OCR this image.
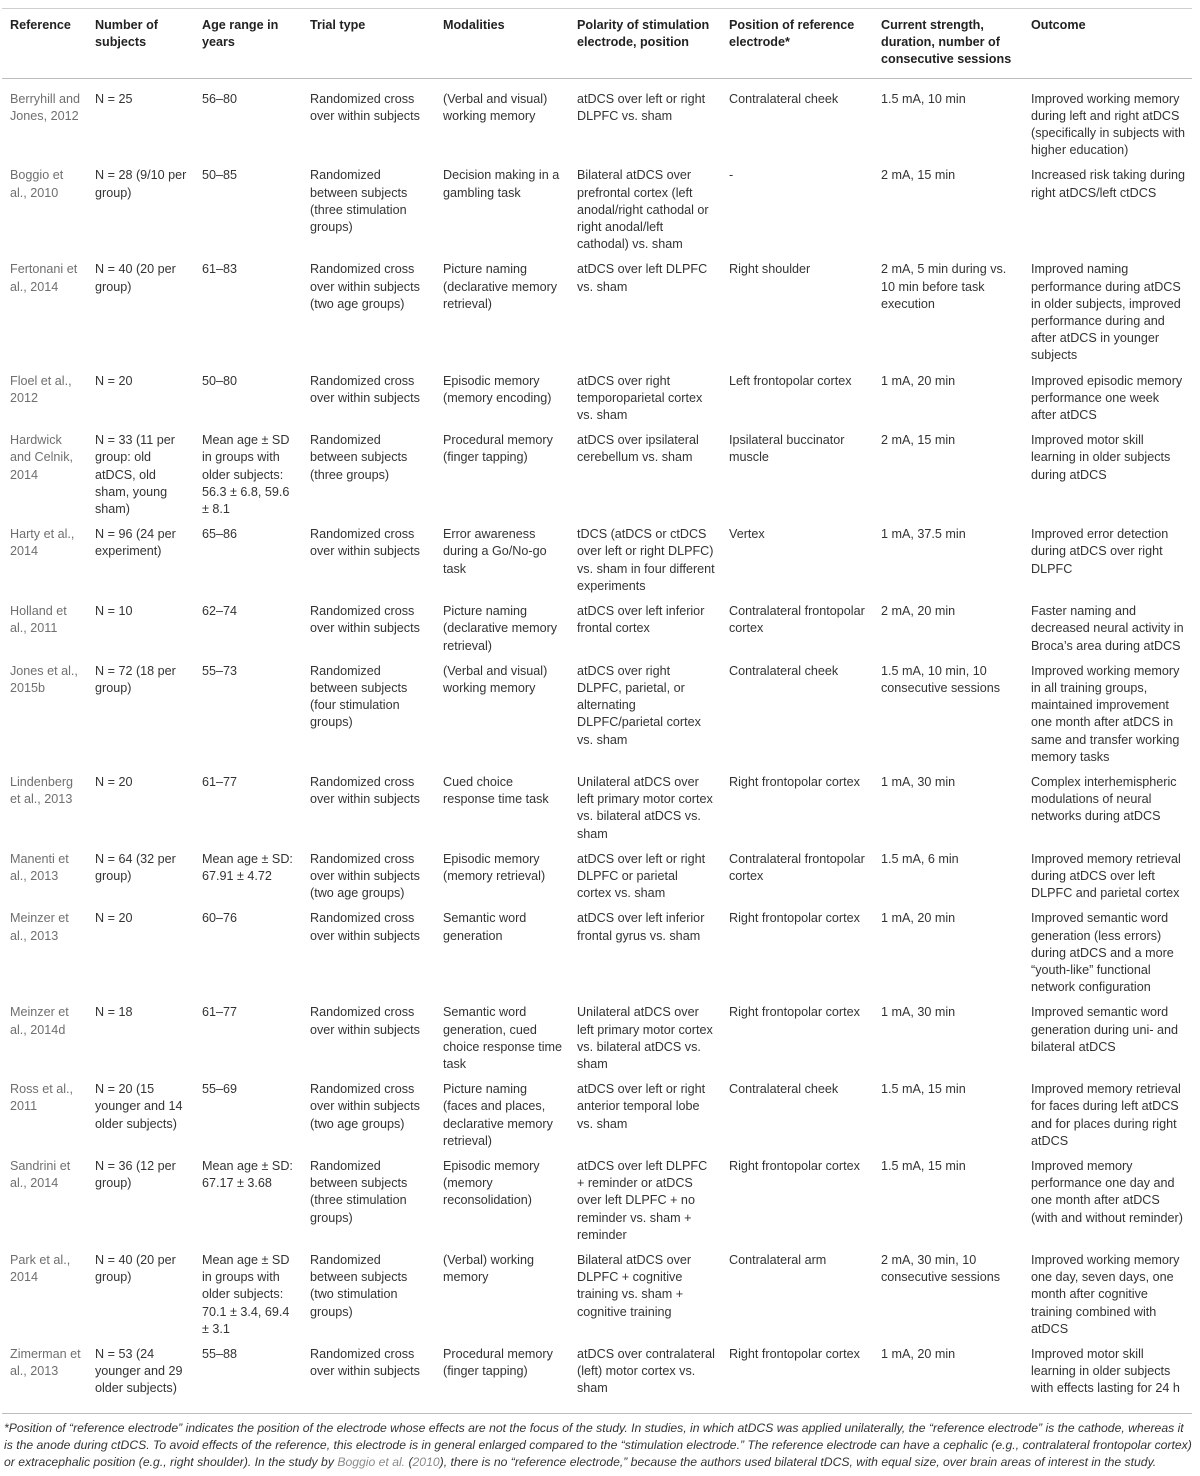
Reference	Number of subjects	Age range in years	Trial type	Modalities	Polarity of stimulation electrode, position	Position of reference electrode*	Current strength, duration, number of consecutive sessions	Outcome
Berryhill and Jones, 2012	N = 25	56–80	Randomized cross over within subjects	(Verbal and visual) working memory	atDCS over left or right DLPFC vs. sham	Contralateral cheek	1.5 mA, 10 min	Improved working memory during left and right atDCS (specifically in subjects with higher education)
Boggio et al., 2010	N = 28 (9/10 per group)	50–85	Randomized between subjects (three stimulation groups)	Decision making in a gambling task	Bilateral atDCS over prefrontal cortex (left anodal/right cathodal or right anodal/left cathodal) vs. sham	-	2 mA, 15 min	Increased risk taking during right atDCS/left ctDCS
Fertonani et al., 2014	N = 40 (20 per group)	61–83	Randomized cross over within subjects (two age groups)	Picture naming (declarative memory retrieval)	atDCS over left DLPFC vs. sham	Right shoulder	2 mA, 5 min during vs. 10 min before task execution	Improved naming performance during atDCS in older subjects, improved performance during and after atDCS in younger subjects
Floel et al., 2012	N = 20	50–80	Randomized cross over within subjects	Episodic memory (memory encoding)	atDCS over right temporoparietal cortex vs. sham	Left frontopolar cortex	1 mA, 20 min	Improved episodic memory performance one week after atDCS
Hardwick and Celnik, 2014	N = 33 (11 per group: old atDCS, old sham, young sham)	Mean age ± SD in groups with older subjects: 56.3 ± 6.8, 59.6 ± 8.1	Randomized between subjects (three groups)	Procedural memory (finger tapping)	atDCS over ipsilateral cerebellum vs. sham	Ipsilateral buccinator muscle	2 mA, 15 min	Improved motor skill learning in older subjects during atDCS
Harty et al., 2014	N = 96 (24 per experiment)	65–86	Randomized cross over within subjects	Error awareness during a Go/No-go task	tDCS (atDCS or ctDCS over left or right DLPFC) vs. sham in four different experiments	Vertex	1 mA, 37.5 min	Improved error detection during atDCS over right DLPFC
Holland et al., 2011	N = 10	62–74	Randomized cross over within subjects	Picture naming (declarative memory retrieval)	atDCS over left inferior frontal cortex	Contralateral frontopolar cortex	2 mA, 20 min	Faster naming and decreased neural activity in Broca’s area during atDCS
Jones et al., 2015b	N = 72 (18 per group)	55–73	Randomized between subjects (four stimulation groups)	(Verbal and visual) working memory	atDCS over right DLPFC, parietal, or alternating DLPFC/parietal cortex vs. sham	Contralateral cheek	1.5 mA, 10 min, 10 consecutive sessions	Improved working memory in all training groups, maintained improvement one month after atDCS in same and transfer working memory tasks
Lindenberg et al., 2013	N = 20	61–77	Randomized cross over within subjects	Cued choice response time task	Unilateral atDCS over left primary motor cortex vs. bilateral atDCS vs. sham	Right frontopolar cortex	1 mA, 30 min	Complex interhemispheric modulations of neural networks during atDCS
Manenti et al., 2013	N = 64 (32 per group)	Mean age ± SD: 67.91 ± 4.72	Randomized cross over within subjects (two age groups)	Episodic memory (memory retrieval)	atDCS over left or right DLPFC or parietal cortex vs. sham	Contralateral frontopolar cortex	1.5 mA, 6 min	Improved memory retrieval during atDCS over left DLPFC and parietal cortex
Meinzer et al., 2013	N = 20	60–76	Randomized cross over within subjects	Semantic word generation	atDCS over left inferior frontal gyrus vs. sham	Right frontopolar cortex	1 mA, 20 min	Improved semantic word generation (less errors) during atDCS and a more “youth-like” functional network configuration
Meinzer et al., 2014d	N = 18	61–77	Randomized cross over within subjects	Semantic word generation, cued choice response time task	Unilateral atDCS over left primary motor cortex vs. bilateral atDCS vs. sham	Right frontopolar cortex	1 mA, 30 min	Improved semantic word generation during uni- and bilateral atDCS
Ross et al., 2011	N = 20 (15 younger and 14 older subjects)	55–69	Randomized cross over within subjects (two age groups)	Picture naming (faces and places, declarative memory retrieval)	atDCS over left or right anterior temporal lobe vs. sham	Contralateral cheek	1.5 mA, 15 min	Improved memory retrieval for faces during left atDCS and for places during right atDCS
Sandrini et al., 2014	N = 36 (12 per group)	Mean age ± SD: 67.17 ± 3.68	Randomized between subjects (three stimulation groups)	Episodic memory (memory reconsolidation)	atDCS over left DLPFC + reminder or atDCS over left DLPFC + no reminder vs. sham + reminder	Right frontopolar cortex	1.5 mA, 15 min	Improved memory performance one day and one month after atDCS (with and without reminder)
Park et al., 2014	N = 40 (20 per group)	Mean age ± SD in groups with older subjects: 70.1 ± 3.4, 69.4 ± 3.1	Randomized between subjects (two stimulation groups)	(Verbal) working memory	Bilateral atDCS over DLPFC + cognitive training vs. sham + cognitive training	Contralateral arm	2 mA, 30 min, 10 consecutive sessions	Improved working memory one day, seven days, one month after cognitive training combined with atDCS
Zimerman et al., 2013	N = 53 (24 younger and 29 older subjects)	55–88	Randomized cross over within subjects	Procedural memory (finger tapping)	atDCS over contralateral (left) motor cortex vs. sham	Right frontopolar cortex	1 mA, 20 min	Improved motor skill learning in older subjects with effects lasting for 24 h
*Position of “reference electrode” indicates the position of the electrode whose effects are not the focus of the study. In studies, in which atDCS was applied unilaterally, the “reference electrode” is the cathode, whereas it is the anode during ctDCS. To avoid effects of the reference, this electrode is in general enlarged compared to the “stimulation electrode.” The reference electrode can have a cephalic (e.g., contralateral frontopolar cortex) or extracephalic position (e.g., right shoulder). In the study by Boggio et al. (2010), there is no “reference electrode,” because the authors used bilateral tDCS, with equal size, over brain areas of interest in the study.
